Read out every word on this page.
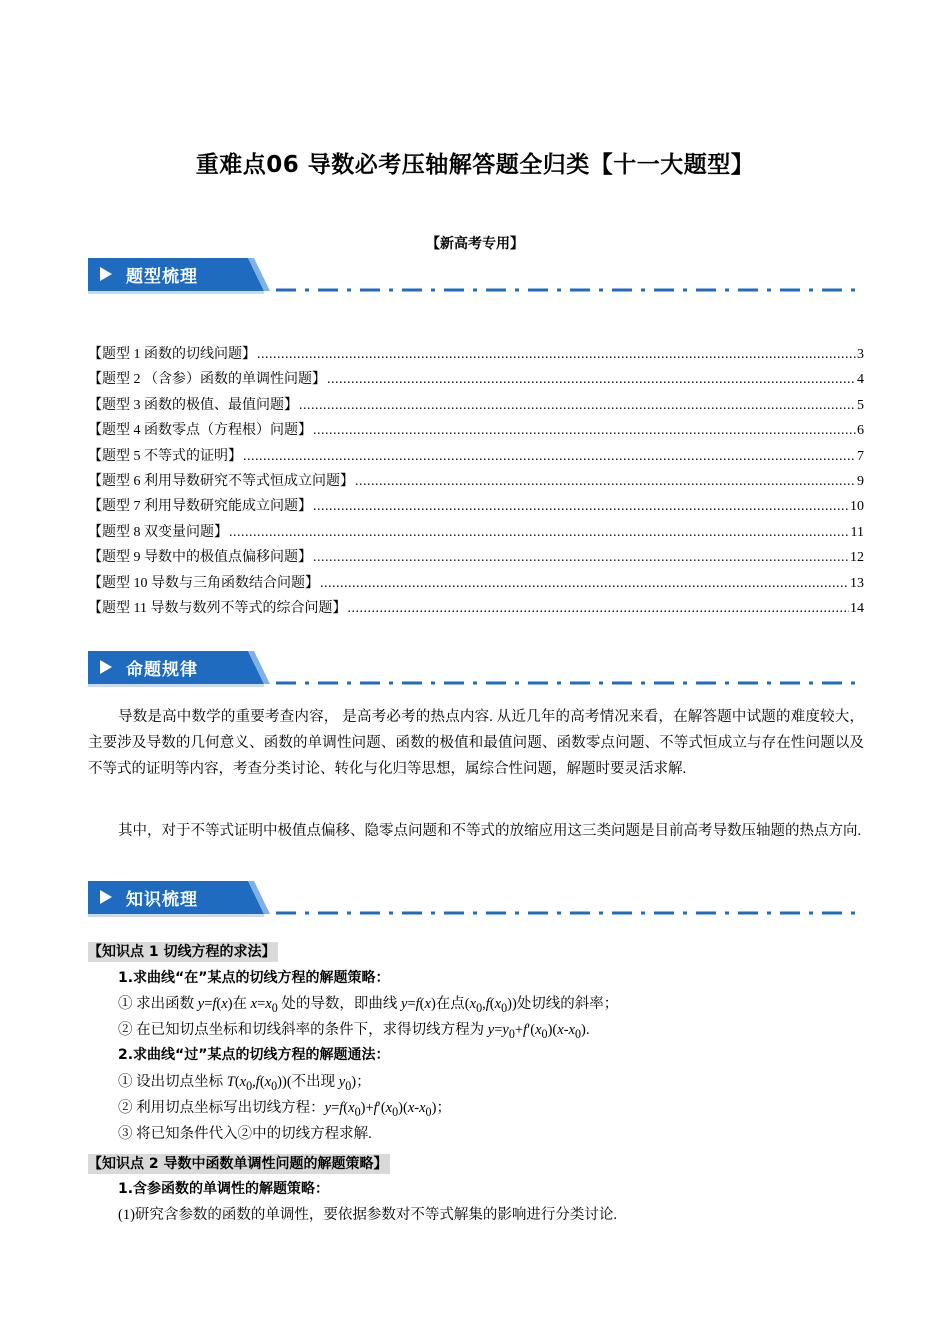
重难点06 导数必考压轴解答题全归类【十一大题型】
【新高考专用】
题型梳理
【题型 1 函数的切线问题】 .....	3
【题型 2 （含参）函数的单调性问题】 .....	4
【题型 3 函数的极值、最值问题】 .....	5
【题型 4 函数零点（方程根）问题】 .....	6
【题型 5 不等式的证明】 .....	7
【题型 6 利用导数研究不等式恒成立问题】 .....	9
【题型 7 利用导数研究能成立问题】 .....	10
【题型 8 双变量问题】 .....	11
【题型 9 导数中的极值点偏移问题】 .....	12
【题型 10 导数与三角函数结合问题】 .....	13
【题型 11 导数与数列不等式的综合问题】 .....	14
命题规律
导数是高中数学的重要考查内容， 是高考必考的热点内容. 从近几年的高考情况来看，在解答题中试题的难度较大，主要涉及导数的几何意义、函数的单调性问题、函数的极值和最值问题、函数零点问题、不等式恒成立与存在性问题以及不等式的证明等内容，考查分类讨论、转化与化归等思想，属综合性问题，解题时要灵活求解.
其中，对于不等式证明中极值点偏移、隐零点问题和不等式的放缩应用这三类问题是目前高考导数压轴题的热点方向.
知识梳理
【知识点 1 切线方程的求法】
1.求曲线“在”某点的切线方程的解题策略：
① 求出函数 y=f(x)在 $x=x_0$ 处的导数，即曲线 y=f(x)在点$(x_0,f(x_0))$处切线的斜率；
② 在已知切点坐标和切线斜率的条件下，求得切线方程为 $y=y_0+f'(x_0)(x-x_0)$.
2.求曲线“过”某点的切线方程的解题通法：
① 设出切点坐标 $T(x_0,f(x_0))$(不出现 $y_0$)；
② 利用切点坐标写出切线方程：$y=f(x_0)+f'(x_0)(x-x_0)$；
③ 将已知条件代入②中的切线方程求解.
【知识点 2 导数中函数单调性问题的解题策略】
1.含参函数的单调性的解题策略：
(1)研究含参数的函数的单调性，要依据参数对不等式解集的影响进行分类讨论.
